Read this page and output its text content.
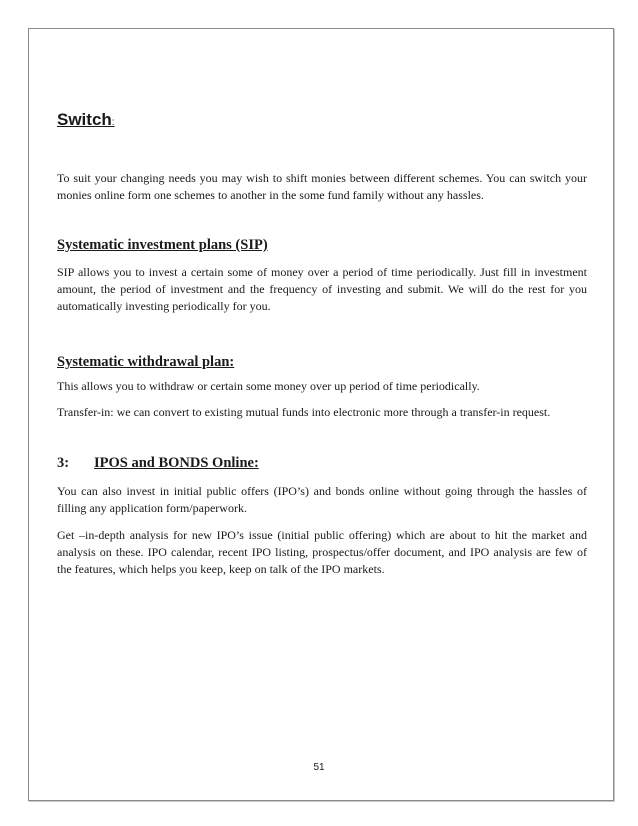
Switch:

To suit your changing needs you may wish to shift monies between different schemes. You can switch your monies online form one schemes to another in the some fund family without any hassles.

Systematic investment plans (SIP)

SIP allows you to invest a certain some of money over a period of time periodically. Just fill in investment amount, the period of investment and the frequency of investing and submit. We will do the rest for you automatically investing periodically for you.

Systematic withdrawal plan:

This allows you to withdraw or certain some money over up period of time periodically.

Transfer-in: we can convert to existing mutual funds into electronic more through a transfer-in request.

3: IPOS and BONDS Online:

You can also invest in initial public offers (IPO’s) and bonds online without going through the hassles of filling any application form/paperwork.

Get –in-depth analysis for new IPO’s issue (initial public offering) which are about to hit the market and analysis on these. IPO calendar, recent IPO listing, prospectus/offer document, and IPO analysis are few of the features, which helps you keep, keep on talk of the IPO markets.

51
